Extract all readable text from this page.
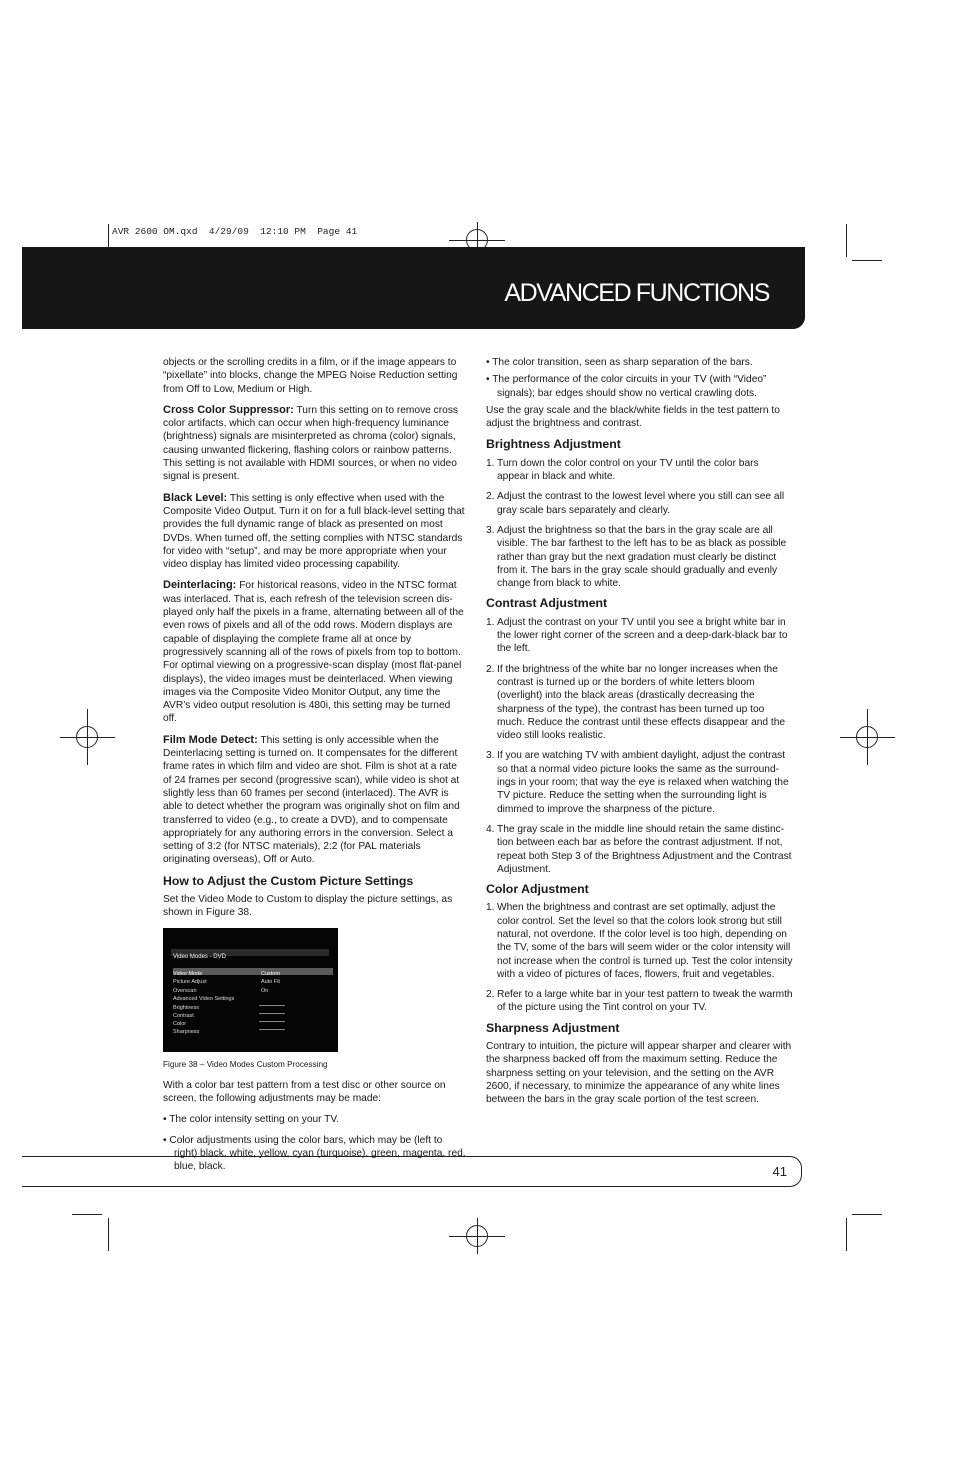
AVR 2600 OM.qxd  4/29/09  12:10 PM  Page 41
ADVANCED FUNCTIONS

objects or the scrolling credits in a film, or if the image appears to “pixellate” into blocks, change the MPEG Noise Reduction setting from Off to Low, Medium or High.

Cross Color Suppressor: Turn this setting on to remove cross color artifacts, which can occur when high-frequency luminance (brightness) signals are misinterpreted as chroma (color) signals, causing unwanted flickering, flashing colors or rainbow patterns. This setting is not available with HDMI sources, or when no video signal is present.

Black Level: This setting is only effective when used with the Composite Video Output. Turn it on for a full black-level setting that provides the full dynamic range of black as presented on most DVDs. When turned off, the setting complies with NTSC standards for video with “setup”, and may be more appropriate when your video display has limited video processing capability.

Deinterlacing: For historical reasons, video in the NTSC format was interlaced. That is, each refresh of the television screen dis-played only half the pixels in a frame, alternating between all of the even rows of pixels and all of the odd rows. Modern displays are capable of displaying the complete frame all at once by progressively scanning all of the rows of pixels from top to bottom. For optimal viewing on a progressive-scan display (most flat-panel displays), the video images must be deinterlaced. When viewing images via the Composite Video Monitor Output, any time the AVR’s video output resolution is 480i, this setting may be turned off.

Film Mode Detect: This setting is only accessible when the Deinterlacing setting is turned on. It compensates for the different frame rates in which film and video are shot. Film is shot at a rate of 24 frames per second (progressive scan), while video is shot at slightly less than 60 frames per second (interlaced). The AVR is able to detect whether the program was originally shot on film and transferred to video (e.g., to create a DVD), and to compensate appropriately for any authoring errors in the conversion. Select a setting of 3:2 (for NTSC materials), 2:2 (for PAL materials originating overseas), Off or Auto.

How to Adjust the Custom Picture Settings

Set the Video Mode to Custom to display the picture settings, as shown in Figure 38.

Video Modes - DVD
Video Mode	Custom
Picture Adjust	Auto Fit
Overscan	On
Advanced Video Settings
Brightness
Contrast
Color
Sharpness

Figure 38 – Video Modes Custom Processing

With a color bar test pattern from a test disc or other source on screen, the following adjustments may be made:

• The color intensity setting on your TV.
• Color adjustments using the color bars, which may be (left to right) black, white, yellow, cyan (turquoise), green, magenta, red, blue, black.
• The color transition, seen as sharp separation of the bars.
• The performance of the color circuits in your TV (with “Video” signals); bar edges should show no vertical crawling dots.

Use the gray scale and the black/white fields in the test pattern to adjust the brightness and contrast.

Brightness Adjustment
1. Turn down the color control on your TV until the color bars appear in black and white.
2. Adjust the contrast to the lowest level where you still can see all gray scale bars separately and clearly.
3. Adjust the brightness so that the bars in the gray scale are all visible. The bar farthest to the left has to be as black as possible rather than gray but the next gradation must clearly be distinct from it. The bars in the gray scale should gradually and evenly change from black to white.
Contrast Adjustment
1. Adjust the contrast on your TV until you see a bright white bar in the lower right corner of the screen and a deep-dark-black bar to the left.
2. If the brightness of the white bar no longer increases when the contrast is turned up or the borders of white letters bloom (overlight) into the black areas (drastically decreasing the sharpness of the type), the contrast has been turned up too much. Reduce the contrast until these effects disappear and the video still looks realistic.
3. If you are watching TV with ambient daylight, adjust the contrast so that a normal video picture looks the same as the surround-ings in your room; that way the eye is relaxed when watching the TV picture. Reduce the setting when the surrounding light is dimmed to improve the sharpness of the picture.
4. The gray scale in the middle line should retain the same distinc-tion between each bar as before the contrast adjustment. If not, repeat both Step 3 of the Brightness Adjustment and the Contrast Adjustment.
Color Adjustment
1. When the brightness and contrast are set optimally, adjust the color control. Set the level so that the colors look strong but still natural, not overdone. If the color level is too high, depending on the TV, some of the bars will seem wider or the color intensity will not increase when the control is turned up. Test the color intensity with a video of pictures of faces, flowers, fruit and vegetables.
2. Refer to a large white bar in your test pattern to tweak the warmth of the picture using the Tint control on your TV.
Sharpness Adjustment

Contrary to intuition, the picture will appear sharper and clearer with the sharpness backed off from the maximum setting. Reduce the sharpness setting on your television, and the setting on the AVR 2600, if necessary, to minimize the appearance of any white lines between the bars in the gray scale portion of the test screen.

41
